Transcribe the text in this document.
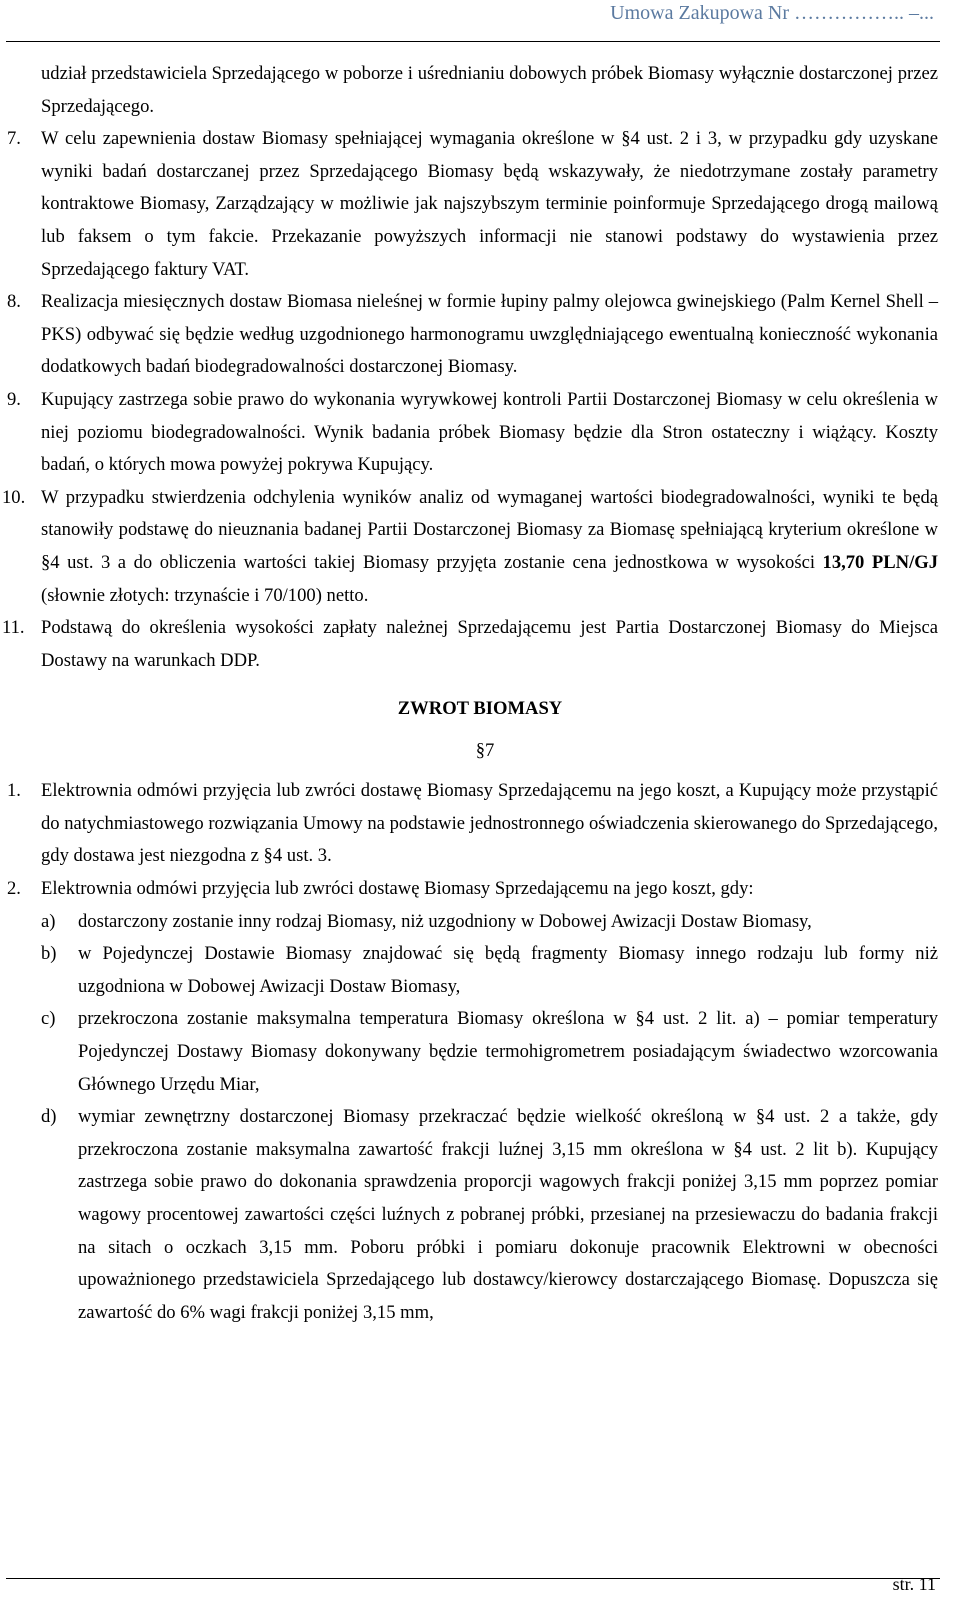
Umowa Zakupowa Nr …………….. –...
udział przedstawiciela Sprzedającego w poborze i uśrednianiu dobowych próbek Biomasy wyłącznie dostarczonej przez Sprzedającego.
7. W celu zapewnienia dostaw Biomasy spełniającej wymagania określone w §4 ust. 2 i 3, w przypadku gdy uzyskane wyniki badań dostarczanej przez Sprzedającego Biomasy będą wskazywały, że niedotrzymane zostały parametry kontraktowe Biomasy, Zarządzający w możliwie jak najszybszym terminie poinformuje Sprzedającego drogą mailową lub faksem o tym fakcie. Przekazanie powyższych informacji nie stanowi podstawy do wystawienia przez Sprzedającego faktury VAT.
8. Realizacja miesięcznych dostaw Biomasa nieleśnej w formie łupiny palmy olejowca gwinejskiego (Palm Kernel Shell – PKS) odbywać się będzie według uzgodnionego harmonogramu uwzględniającego ewentualną konieczność wykonania dodatkowych badań biodegradowalności dostarczonej Biomasy.
9. Kupujący zastrzega sobie prawo do wykonania wyrywkowej kontroli Partii Dostarczonej Biomasy w celu określenia w niej poziomu biodegradowalności. Wynik badania próbek Biomasy będzie dla Stron ostateczny i wiążący. Koszty badań, o których mowa powyżej pokrywa Kupujący.
10. W przypadku stwierdzenia odchylenia wyników analiz od wymaganej wartości biodegradowalności, wyniki te będą stanowiły podstawę do nieuznania badanej Partii Dostarczonej Biomasy za Biomasę spełniającą kryterium określone w §4 ust. 3 a do obliczenia wartości takiej Biomasy przyjęta zostanie cena jednostkowa w wysokości 13,70 PLN/GJ (słownie złotych: trzynaście i 70/100) netto.
11. Podstawą do określenia wysokości zapłaty należnej Sprzedającemu jest Partia Dostarczonej Biomasy do Miejsca Dostawy na warunkach DDP.
ZWROT BIOMASY
§7
1. Elektrownia odmówi przyjęcia lub zwróci dostawę Biomasy Sprzedającemu na jego koszt, a Kupujący może przystąpić do natychmiastowego rozwiązania Umowy na podstawie jednostronnego oświadczenia skierowanego do Sprzedającego, gdy dostawa jest niezgodna z §4 ust. 3.
2. Elektrownia odmówi przyjęcia lub zwróci dostawę Biomasy Sprzedającemu na jego koszt, gdy:
a) dostarczony zostanie inny rodzaj Biomasy, niż uzgodniony w Dobowej Awizacji Dostaw Biomasy,
b) w Pojedynczej Dostawie Biomasy znajdować się będą fragmenty Biomasy innego rodzaju lub formy niż uzgodniona w Dobowej Awizacji Dostaw Biomasy,
c) przekroczona zostanie maksymalna temperatura Biomasy określona w §4 ust. 2 lit. a) – pomiar temperatury Pojedynczej Dostawy Biomasy dokonywany będzie termohigrometrem posiadającym świadectwo wzorcowania Głównego Urzędu Miar,
d) wymiar zewnętrzny dostarczonej Biomasy przekraczać będzie wielkość określoną w §4 ust. 2 a także, gdy przekroczona zostanie maksymalna zawartość frakcji luźnej 3,15 mm określona w §4 ust. 2 lit b). Kupujący zastrzega sobie prawo do dokonania sprawdzenia proporcji wagowych frakcji poniżej 3,15 mm poprzez pomiar wagowy procentowej zawartości części luźnych z pobranej próbki, przesianej na przesiewaczu do badania frakcji na sitach o oczkach 3,15 mm. Poboru próbki i pomiaru dokonuje pracownik Elektrowni w obecności upoważnionego przedstawiciela Sprzedającego lub dostawcy/kierowcy dostarczającego Biomasę. Dopuszcza się zawartość do 6% wagi frakcji poniżej 3,15 mm,
str. 11
